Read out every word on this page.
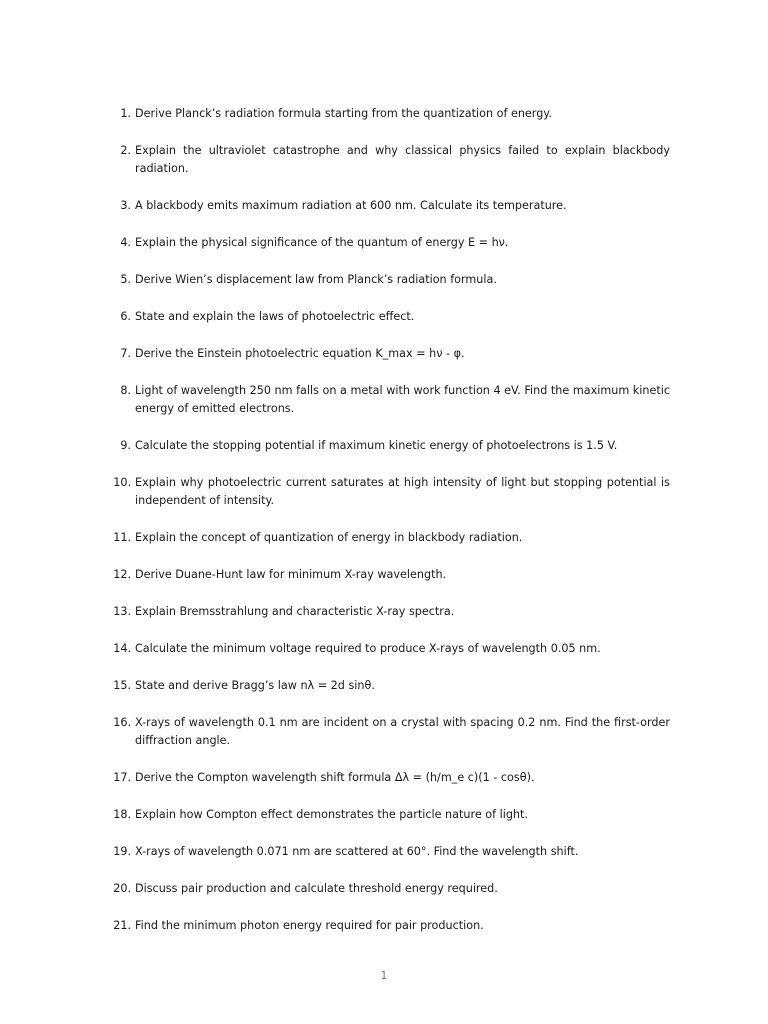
1. Derive Planck’s radiation formula starting from the quantization of energy.
2. Explain the ultraviolet catastrophe and why classical physics failed to explain blackbody radiation.
3. A blackbody emits maximum radiation at 600 nm. Calculate its temperature.
4. Explain the physical significance of the quantum of energy E = hν.
5. Derive Wien’s displacement law from Planck’s radiation formula.
6. State and explain the laws of photoelectric effect.
7. Derive the Einstein photoelectric equation K_max = hν - φ.
8. Light of wavelength 250 nm falls on a metal with work function 4 eV. Find the maximum kinetic energy of emitted electrons.
9. Calculate the stopping potential if maximum kinetic energy of photoelectrons is 1.5 V.
10. Explain why photoelectric current saturates at high intensity of light but stopping potential is independent of intensity.
11. Explain the concept of quantization of energy in blackbody radiation.
12. Derive Duane-Hunt law for minimum X-ray wavelength.
13. Explain Bremsstrahlung and characteristic X-ray spectra.
14. Calculate the minimum voltage required to produce X-rays of wavelength 0.05 nm.
15. State and derive Bragg’s law nλ = 2d sinθ.
16. X-rays of wavelength 0.1 nm are incident on a crystal with spacing 0.2 nm. Find the first-order diffraction angle.
17. Derive the Compton wavelength shift formula Δλ = (h/m_e c)(1 - cosθ).
18. Explain how Compton effect demonstrates the particle nature of light.
19. X-rays of wavelength 0.071 nm are scattered at 60°. Find the wavelength shift.
20. Discuss pair production and calculate threshold energy required.
21. Find the minimum photon energy required for pair production.
1
